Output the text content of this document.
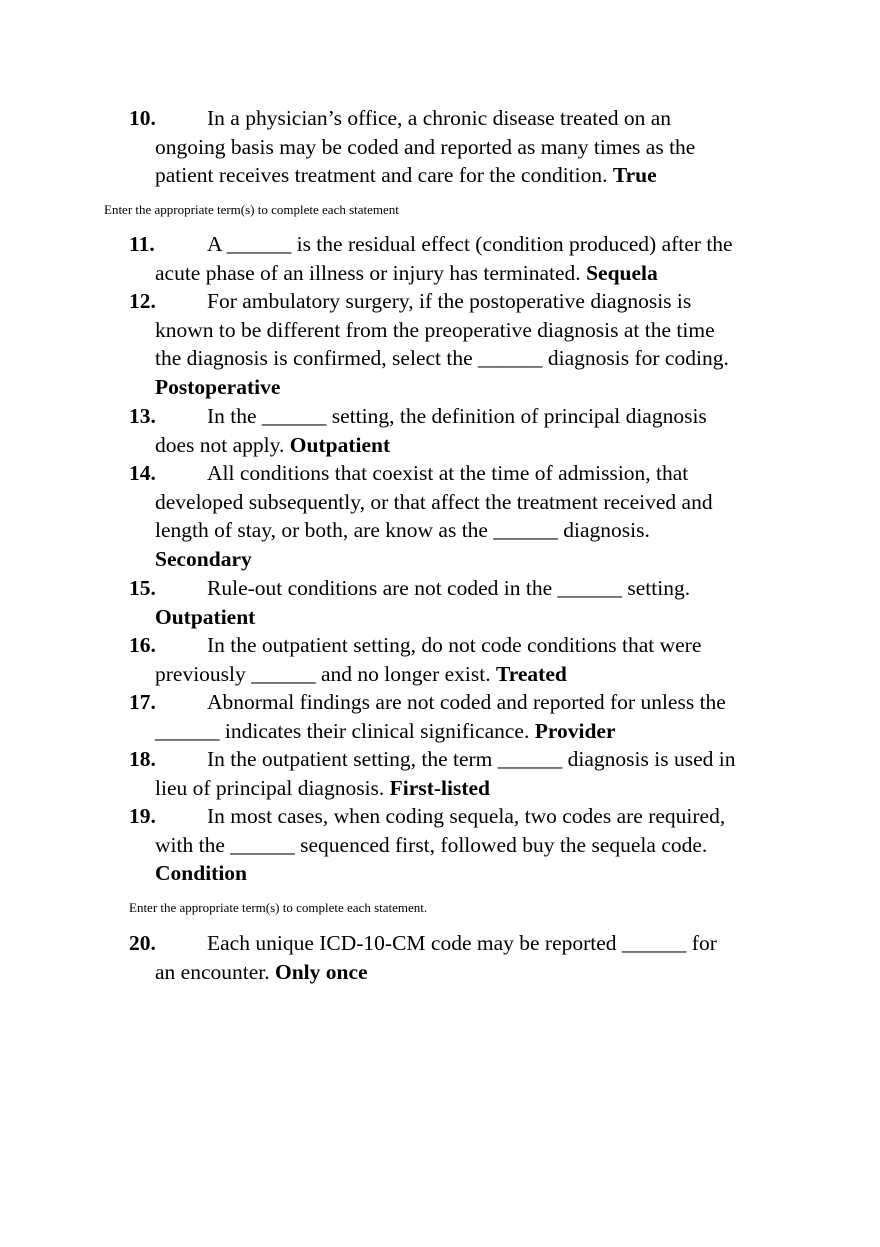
10. In a physician’s office, a chronic disease treated on an
ongoing basis may be coded and reported as many times as the
patient receives treatment and care for the condition. True
Enter the appropriate term(s) to complete each statement
11. A ______ is the residual effect (condition produced) after the
acute phase of an illness or injury has terminated. Sequela
12. For ambulatory surgery, if the postoperative diagnosis is
known to be different from the preoperative diagnosis at the time
the diagnosis is confirmed, select the ______ diagnosis for coding.
Postoperative
13. In the ______ setting, the definition of principal diagnosis
does not apply. Outpatient
14. All conditions that coexist at the time of admission, that
developed subsequently, or that affect the treatment received and
length of stay, or both, are know as the ______ diagnosis.
Secondary
15. Rule-out conditions are not coded in the ______ setting.
Outpatient
16. In the outpatient setting, do not code conditions that were
previously ______ and no longer exist. Treated
17. Abnormal findings are not coded and reported for unless the
______ indicates their clinical significance. Provider
18. In the outpatient setting, the term ______ diagnosis is used in
lieu of principal diagnosis. First-listed
19. In most cases, when coding sequela, two codes are required,
with the ______ sequenced first, followed buy the sequela code.
Condition
Enter the appropriate term(s) to complete each statement.
20. Each unique ICD-10-CM code may be reported ______ for
an encounter. Only once
